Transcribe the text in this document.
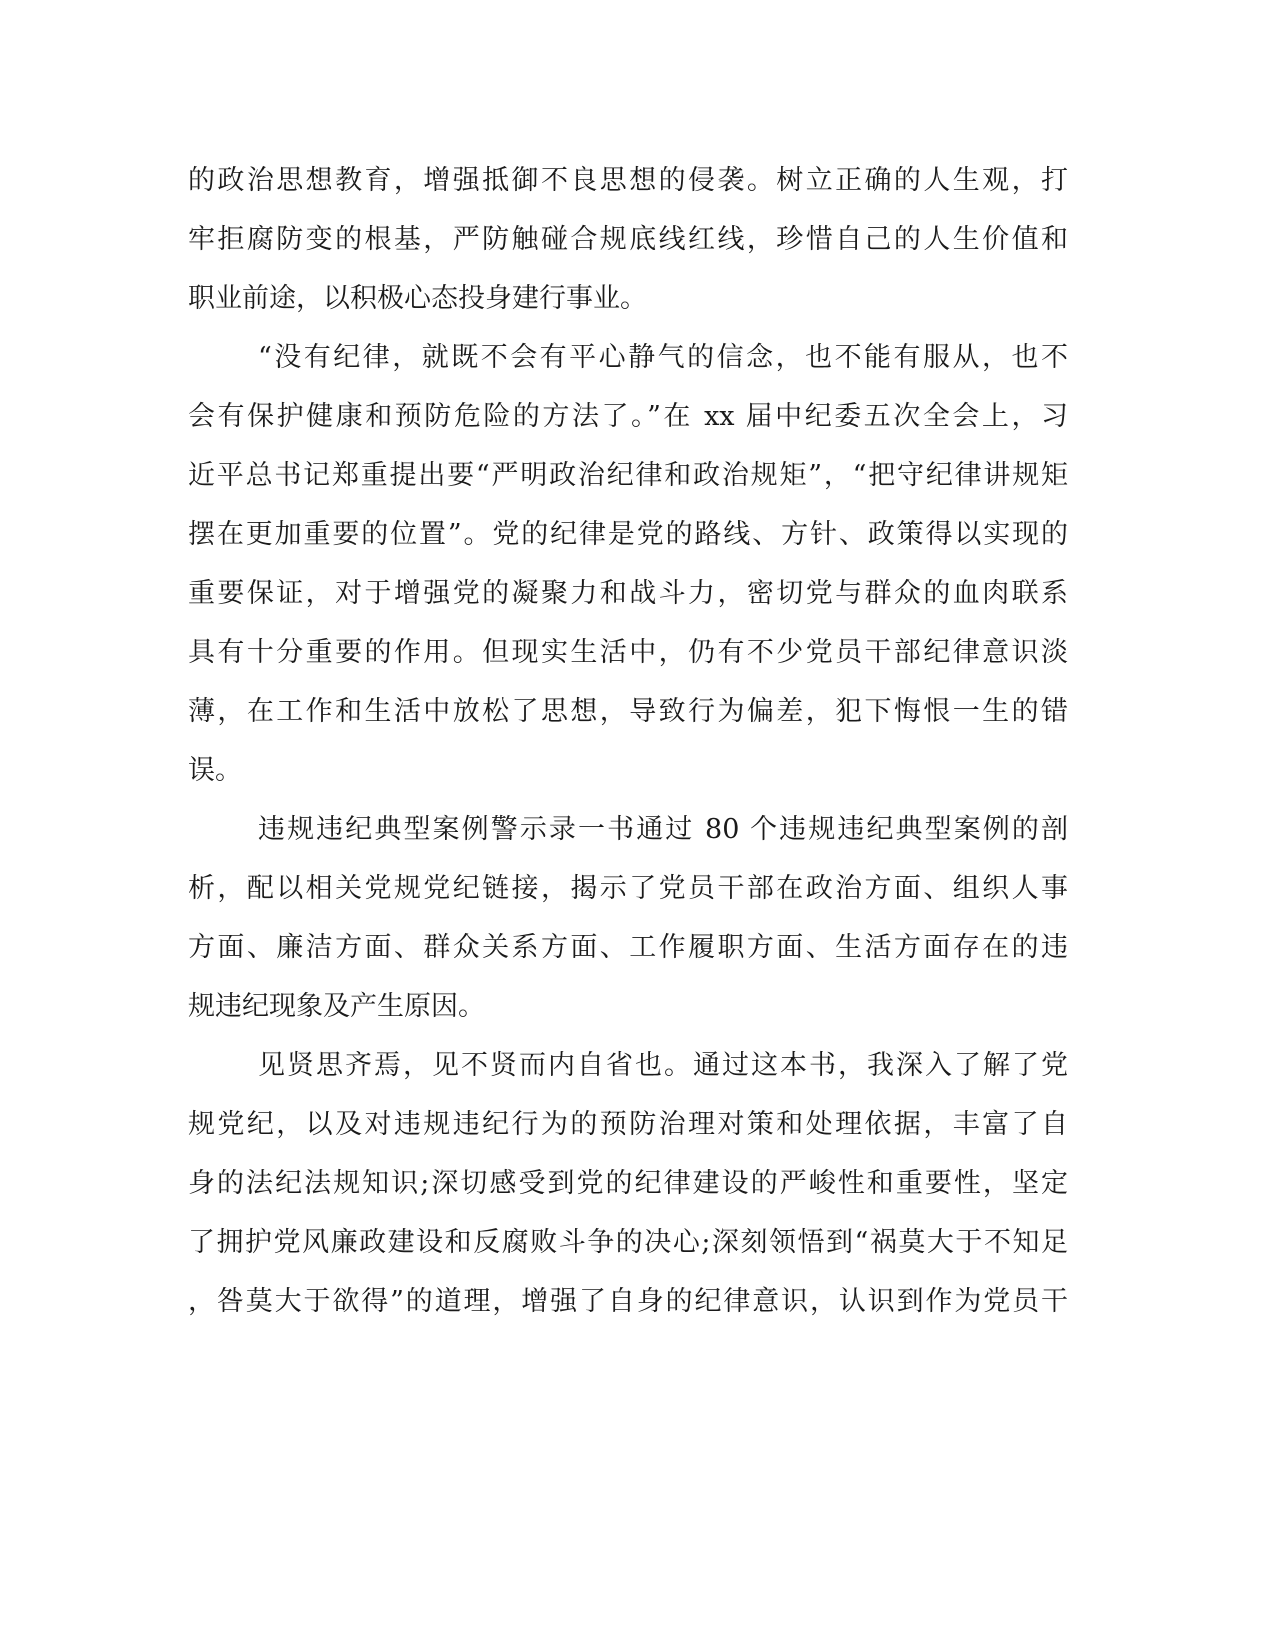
的政治思想教育，增强抵御不良思想的侵袭。树立正确的人生观，打
牢拒腐防变的根基，严防触碰合规底线红线，珍惜自己的人生价值和
职业前途，以积极心态投身建行事业。
“没有纪律，就既不会有平心静气的信念，也不能有服从，也不
会有保护健康和预防危险的方法了。”在 xx 届中纪委五次全会上，习
近平总书记郑重提出要“严明政治纪律和政治规矩”，“把守纪律讲规矩
摆在更加重要的位置”。党的纪律是党的路线、方针、政策得以实现的
重要保证，对于增强党的凝聚力和战斗力，密切党与群众的血肉联系
具有十分重要的作用。但现实生活中，仍有不少党员干部纪律意识淡
薄，在工作和生活中放松了思想，导致行为偏差，犯下悔恨一生的错
误。
违规违纪典型案例警示录一书通过 80 个违规违纪典型案例的剖
析，配以相关党规党纪链接，揭示了党员干部在政治方面、组织人事
方面、廉洁方面、群众关系方面、工作履职方面、生活方面存在的违
规违纪现象及产生原因。
见贤思齐焉，见不贤而内自省也。通过这本书，我深入了解了党
规党纪，以及对违规违纪行为的预防治理对策和处理依据，丰富了自
身的法纪法规知识;深切感受到党的纪律建设的严峻性和重要性，坚定
了拥护党风廉政建设和反腐败斗争的决心;深刻领悟到“祸莫大于不知足
，咎莫大于欲得”的道理，增强了自身的纪律意识，认识到作为党员干
